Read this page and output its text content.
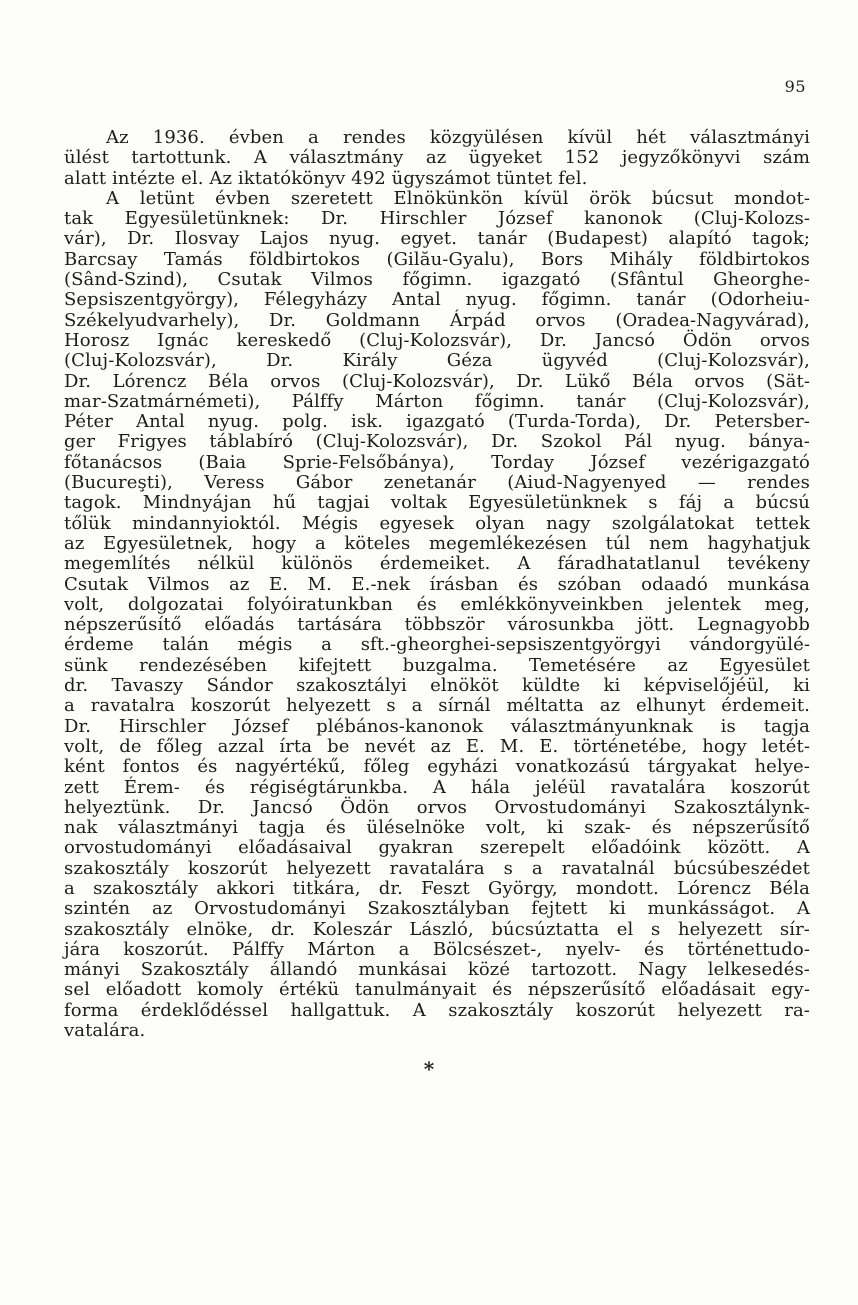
95
Az 1936. évben a rendes közgyülésen kívül hét választmányi
ülést tartottunk. A választmány az ügyeket 152 jegyzőkönyvi szám
alatt intézte el. Az iktatókönyv 492 ügyszámot tüntet fel.
A letünt évben szeretett Elnökünkön kívül örök búcsut mondot-
tak Egyesületünknek: Dr. Hirschler József kanonok (Cluj-Kolozs-
vár), Dr. Ilosvay Lajos nyug. egyet. tanár (Budapest) alapító tagok;
Barcsay Tamás földbirtokos (Gilău-Gyalu), Bors Mihály földbirtokos
(Sând-Szind), Csutak Vilmos főgimn. igazgató (Sfântul Gheorghe-
Sepsiszentgyörgy), Félegyházy Antal nyug. főgimn. tanár (Odorheiu-
Székelyudvarhely), Dr. Goldmann Árpád orvos (Oradea-Nagyvárad),
Horosz Ignác kereskedő (Cluj-Kolozsvár), Dr. Jancsó Ödön orvos
(Cluj-Kolozsvár), Dr. Király Géza ügyvéd (Cluj-Kolozsvár),
Dr. Lórencz Béla orvos (Cluj-Kolozsvár), Dr. Lükő Béla orvos (Sät-
mar-Szatmárnémeti), Pálffy Márton főgimn. tanár (Cluj-Kolozsvár),
Péter Antal nyug. polg. isk. igazgató (Turda-Torda), Dr. Petersber-
ger Frigyes táblabíró (Cluj-Kolozsvár), Dr. Szokol Pál nyug. bánya-
főtanácsos (Baia Sprie-Felsőbánya), Torday József vezérigazgató
(Bucureşti), Veress Gábor zenetanár (Aiud-Nagyenyed — rendes
tagok. Mindnyájan hű tagjai voltak Egyesületünknek s fáj a búcsú
tőlük mindannyioktól. Mégis egyesek olyan nagy szolgálatokat tettek
az Egyesületnek, hogy a köteles megemlékezésen túl nem hagyhatjuk
megemlítés nélkül különös érdemeiket. A fáradhatatlanul tevékeny
Csutak Vilmos az E. M. E.-nek írásban és szóban odaadó munkása
volt, dolgozatai folyóiratunkban és emlékkönyveinkben jelentek meg,
népszerűsítő előadás tartására többször városunkba jött. Legnagyobb
érdeme talán mégis a sft.-gheorghei-sepsiszentgyörgyi vándorgyülé-
sünk rendezésében kifejtett buzgalma. Temetésére az Egyesület
dr. Tavaszy Sándor szakosztályi elnököt küldte ki képviselőjéül, ki
a ravatalra koszorút helyezett s a sírnál méltatta az elhunyt érdemeit.
Dr. Hirschler József plébános-kanonok választmányunknak is tagja
volt, de főleg azzal írta be nevét az E. M. E. történetébe, hogy letét-
ként fontos és nagyértékű, főleg egyházi vonatkozású tárgyakat helye-
zett Érem- és régiségtárunkba. A hála jeléül ravatalára koszorút
helyeztünk. Dr. Jancsó Ödön orvos Orvostudományi Szakosztálynk-
nak választmányi tagja és üléselnöke volt, ki szak- és népszerűsítő
orvostudományi előadásaival gyakran szerepelt előadóink között. A
szakosztály koszorút helyezett ravatalára s a ravatalnál búcsúbeszédet
a szakosztály akkori titkára, dr. Feszt György, mondott. Lórencz Béla
szintén az Orvostudományi Szakosztályban fejtett ki munkásságot. A
szakosztály elnöke, dr. Koleszár László, búcsúztatta el s helyezett sír-
jára koszorút. Pálffy Márton a Bölcsészet-, nyelv- és történettudo-
mányi Szakosztály állandó munkásai közé tartozott. Nagy lelkesedés-
sel előadott komoly értékü tanulmányait és népszerűsítő előadásait egy-
forma érdeklődéssel hallgattuk. A szakosztály koszorút helyezett ra-
vatalára.
*
